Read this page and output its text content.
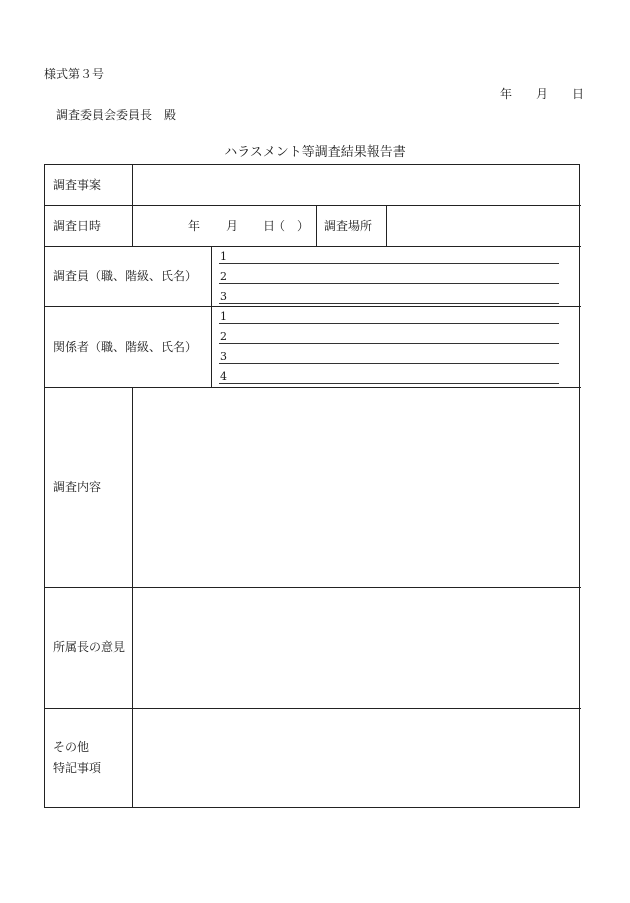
様式第３号
年 月 日
調査委員会委員長　殿
ハラスメント等調査結果報告書
調査事案
調査日時	年 月 日
（　） 調査場所
調査員（職、階級、氏名）
1
2
3
関係者（職、階級、氏名）
1
2
3
4
調査内容
所属長の意見
その他
特記事項
